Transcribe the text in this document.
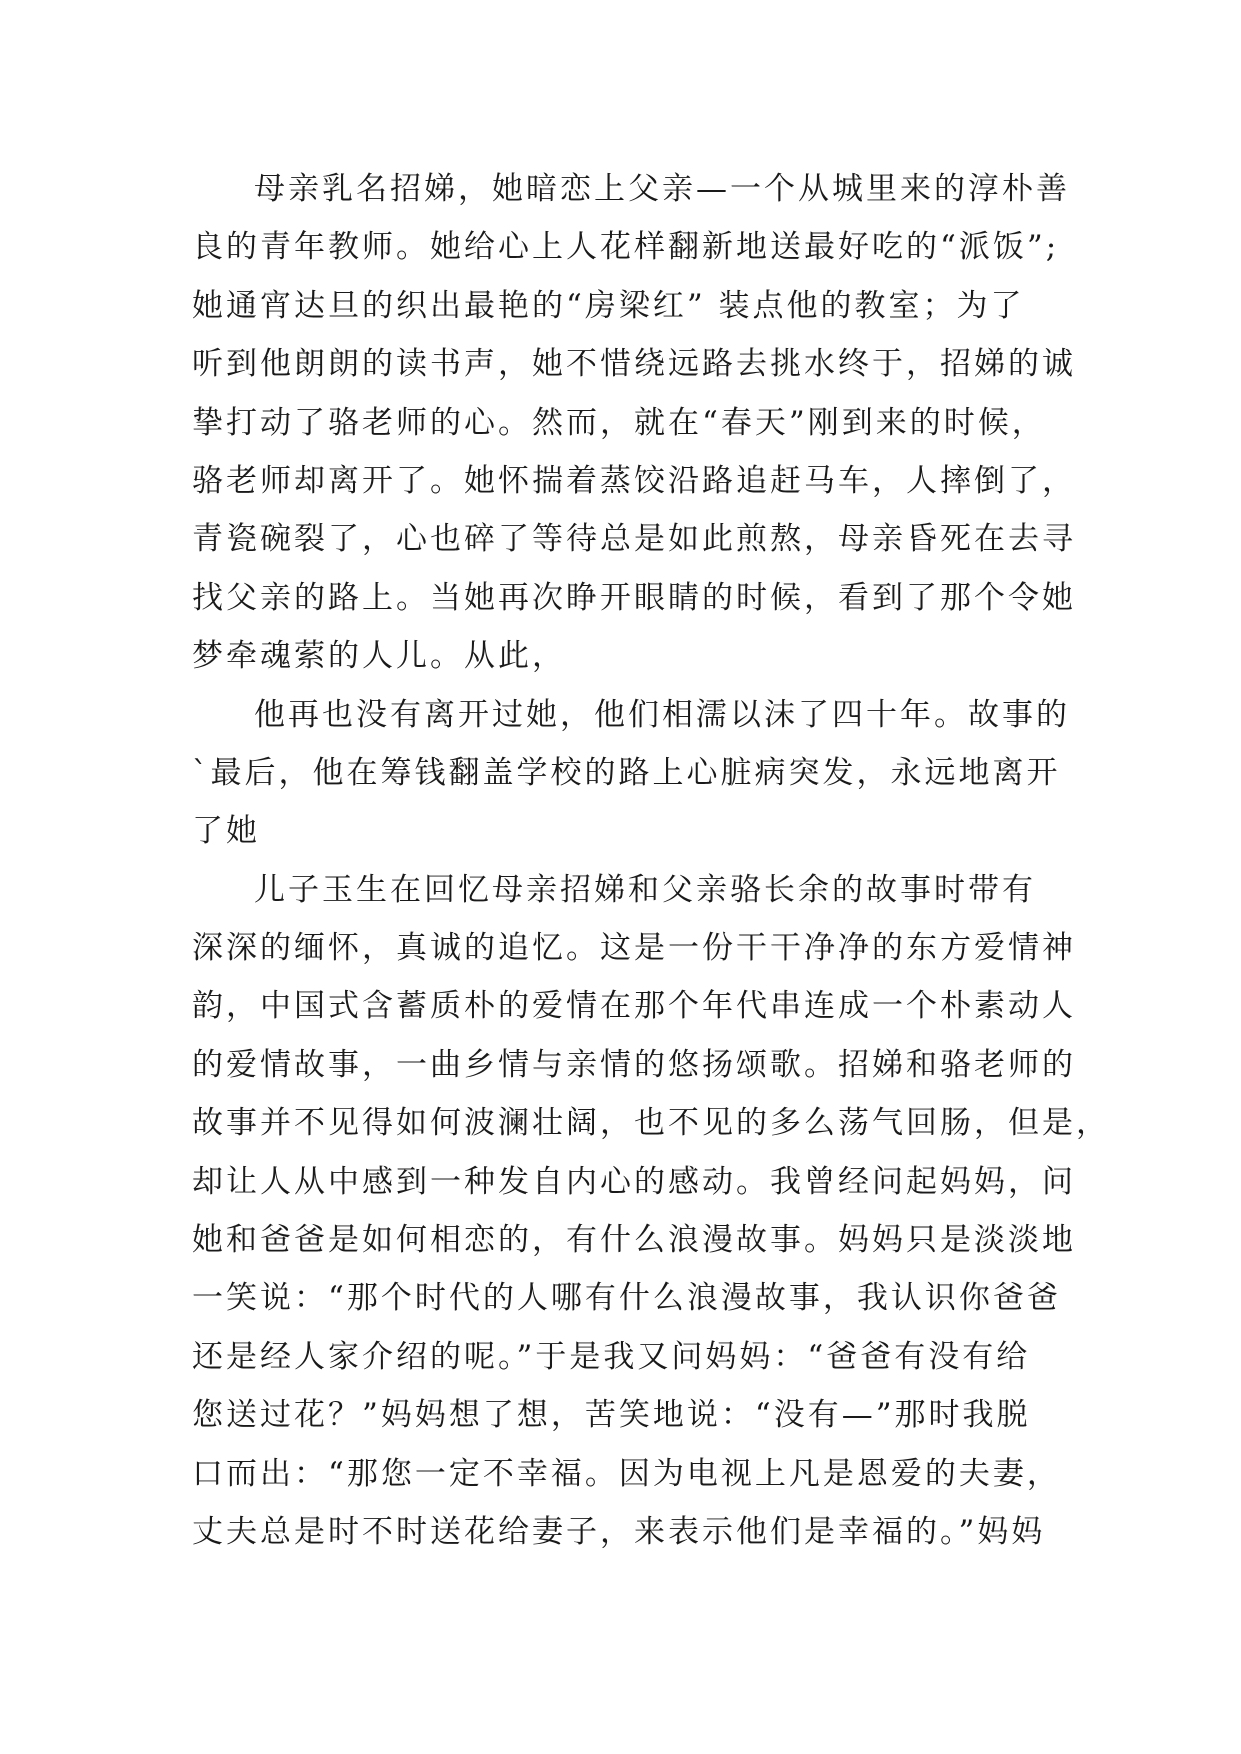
母亲乳名招娣，她暗恋上父亲—一个从城里来的淳朴善
良的青年教师。她给心上人花样翻新地送最好吃的“派饭”;
她通宵达旦的织出最艳的“房梁红” 装点他的教室；为了
听到他朗朗的读书声，她不惜绕远路去挑水终于，招娣的诚
挚打动了骆老师的心。然而，就在“春天”刚到来的时候，
骆老师却离开了。她怀揣着蒸饺沿路追赶马车，人摔倒了，
青瓷碗裂了，心也碎了等待总是如此煎熬，母亲昏死在去寻
找父亲的路上。当她再次睁开眼睛的时候，看到了那个令她
梦牵魂萦的人儿。从此，
他再也没有离开过她，他们相濡以沫了四十年。故事的
`最后，他在筹钱翻盖学校的路上心脏病突发，永远地离开
了她
儿子玉生在回忆母亲招娣和父亲骆长余的故事时带有
深深的缅怀，真诚的追忆。这是一份干干净净的东方爱情神
韵，中国式含蓄质朴的爱情在那个年代串连成一个朴素动人
的爱情故事，一曲乡情与亲情的悠扬颂歌。招娣和骆老师的
故事并不见得如何波澜壮阔，也不见的多么荡气回肠，但是，
却让人从中感到一种发自内心的感动。我曾经问起妈妈，问
她和爸爸是如何相恋的，有什么浪漫故事。妈妈只是淡淡地
一笑说：“那个时代的人哪有什么浪漫故事，我认识你爸爸
还是经人家介绍的呢。”于是我又问妈妈：“爸爸有没有给
您送过花？”妈妈想了想，苦笑地说：“没有—”那时我脱
口而出：“那您一定不幸福。因为电视上凡是恩爱的夫妻，
丈夫总是时不时送花给妻子，来表示他们是幸福的。”妈妈
